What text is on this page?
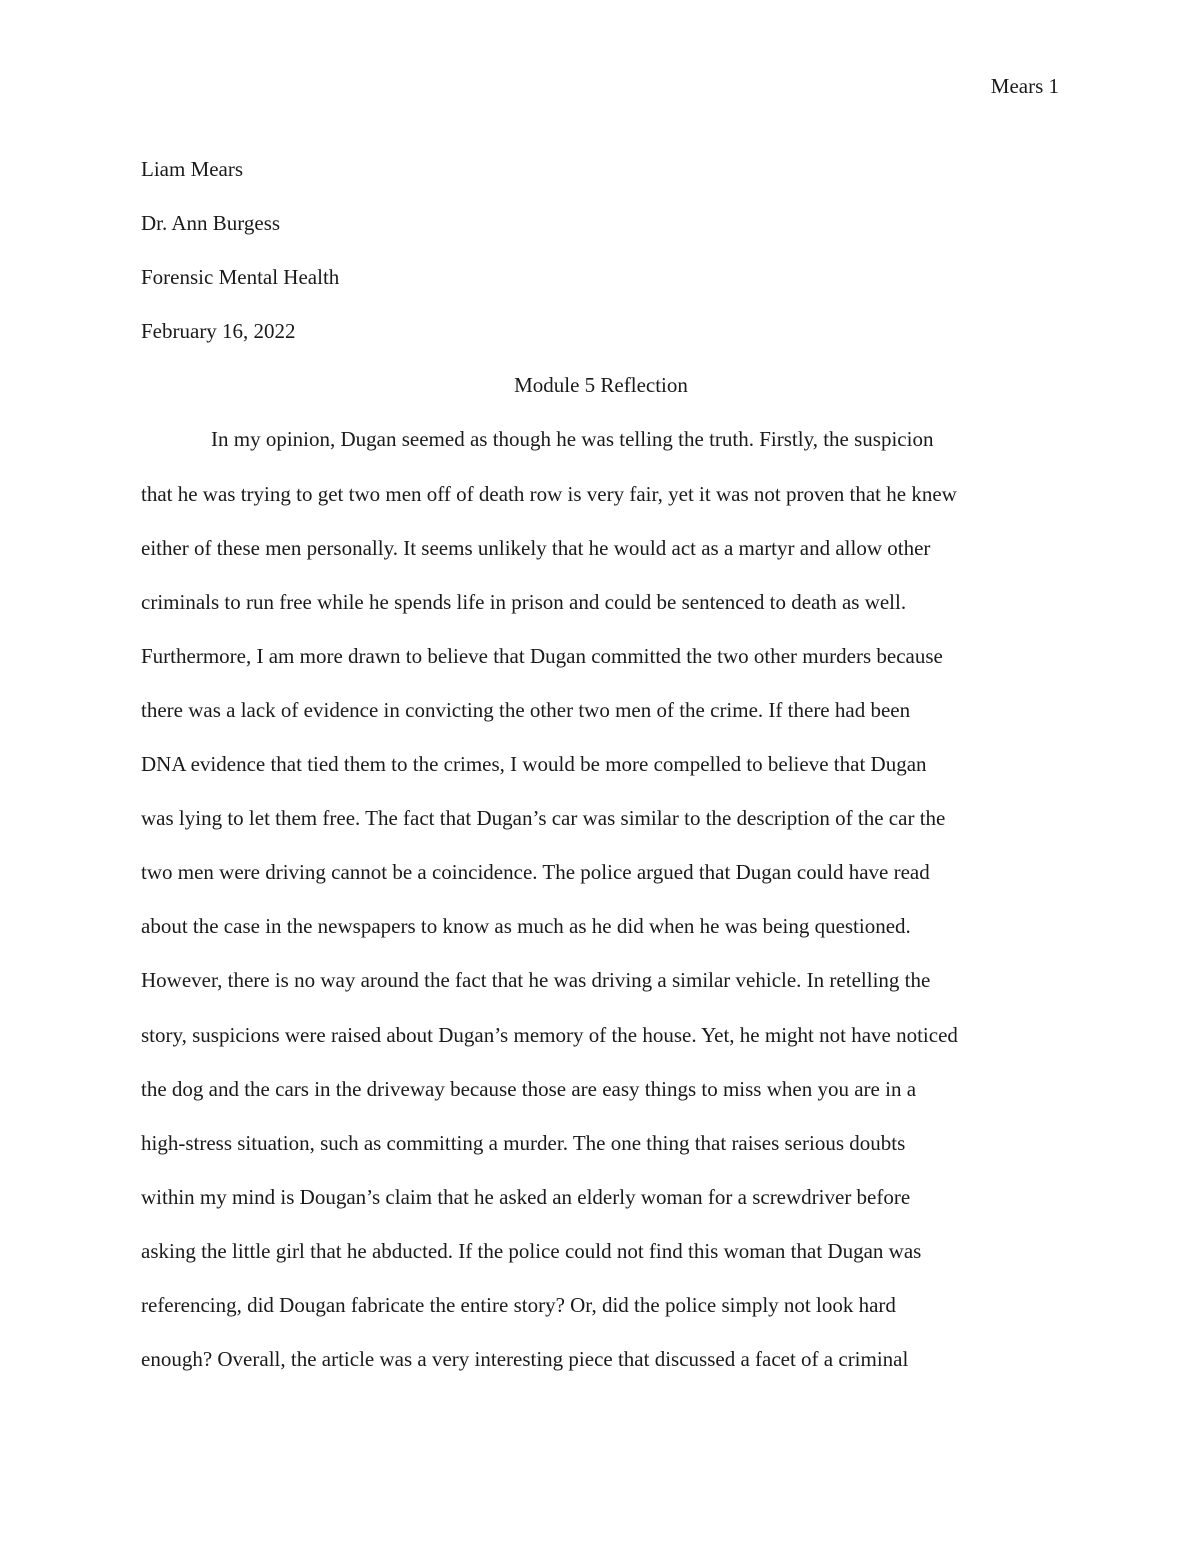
Mears 1
Liam Mears
Dr. Ann Burgess
Forensic Mental Health
February 16, 2022
Module 5 Reflection
In my opinion, Dugan seemed as though he was telling the truth. Firstly, the suspicion
that he was trying to get two men off of death row is very fair, yet it was not proven that he knew
either of these men personally. It seems unlikely that he would act as a martyr and allow other
criminals to run free while he spends life in prison and could be sentenced to death as well.
Furthermore, I am more drawn to believe that Dugan committed the two other murders because
there was a lack of evidence in convicting the other two men of the crime. If there had been
DNA evidence that tied them to the crimes, I would be more compelled to believe that Dugan
was lying to let them free. The fact that Dugan’s car was similar to the description of the car the
two men were driving cannot be a coincidence. The police argued that Dugan could have read
about the case in the newspapers to know as much as he did when he was being questioned.
However, there is no way around the fact that he was driving a similar vehicle. In retelling the
story, suspicions were raised about Dugan’s memory of the house. Yet, he might not have noticed
the dog and the cars in the driveway because those are easy things to miss when you are in a
high-stress situation, such as committing a murder. The one thing that raises serious doubts
within my mind is Dougan’s claim that he asked an elderly woman for a screwdriver before
asking the little girl that he abducted. If the police could not find this woman that Dugan was
referencing, did Dougan fabricate the entire story? Or, did the police simply not look hard
enough? Overall, the article was a very interesting piece that discussed a facet of a criminal
